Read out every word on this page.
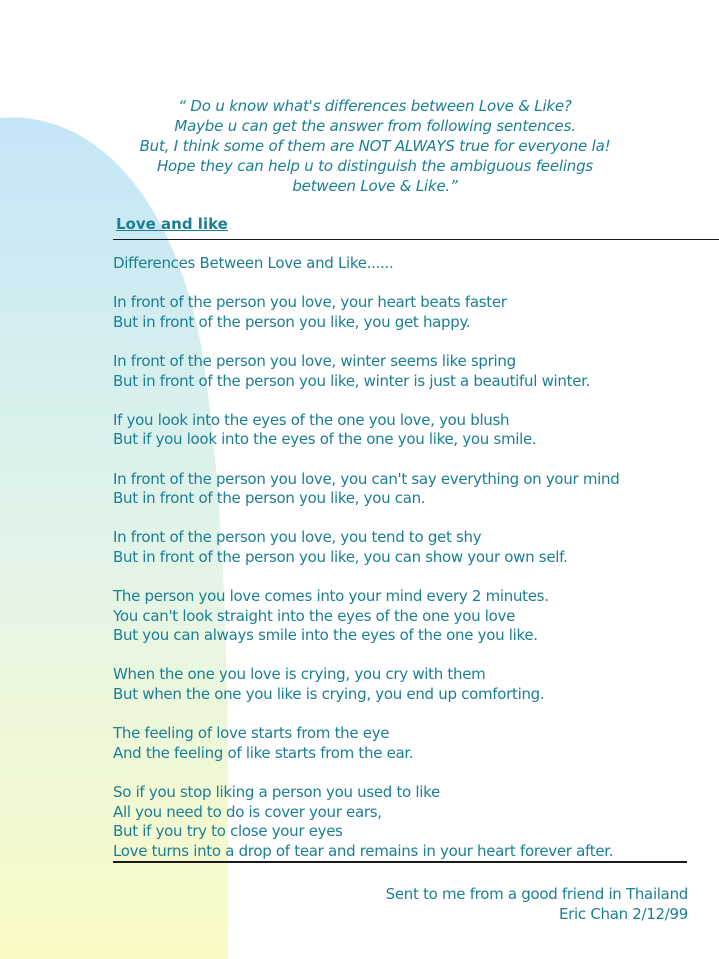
“ Do u know what's differences between Love & Like?
Maybe u can get the answer from following sentences.
But, I think some of them are NOT ALWAYS true for everyone la!
Hope they can help u to distinguish the ambiguous feelings
between Love & Like.”
Love and like
Differences Between Love and Like......
In front of the person you love, your heart beats faster
But in front of the person you like, you get happy.
In front of the person you love, winter seems like spring
But in front of the person you like, winter is just a beautiful winter.
If you look into the eyes of the one you love, you blush
But if you look into the eyes of the one you like, you smile.
In front of the person you love, you can't say everything on your mind
But in front of the person you like, you can.
In front of the person you love, you tend to get shy
But in front of the person you like, you can show your own self.
The person you love comes into your mind every 2 minutes.
You can't look straight into the eyes of the one you love
But you can always smile into the eyes of the one you like.
When the one you love is crying, you cry with them
But when the one you like is crying, you end up comforting.
The feeling of love starts from the eye
And the feeling of like starts from the ear.
So if you stop liking a person you used to like
All you need to do is cover your ears,
But if you try to close your eyes
Love turns into a drop of tear and remains in your heart forever after.
Sent to me from a good friend in Thailand
Eric Chan 2/12/99
